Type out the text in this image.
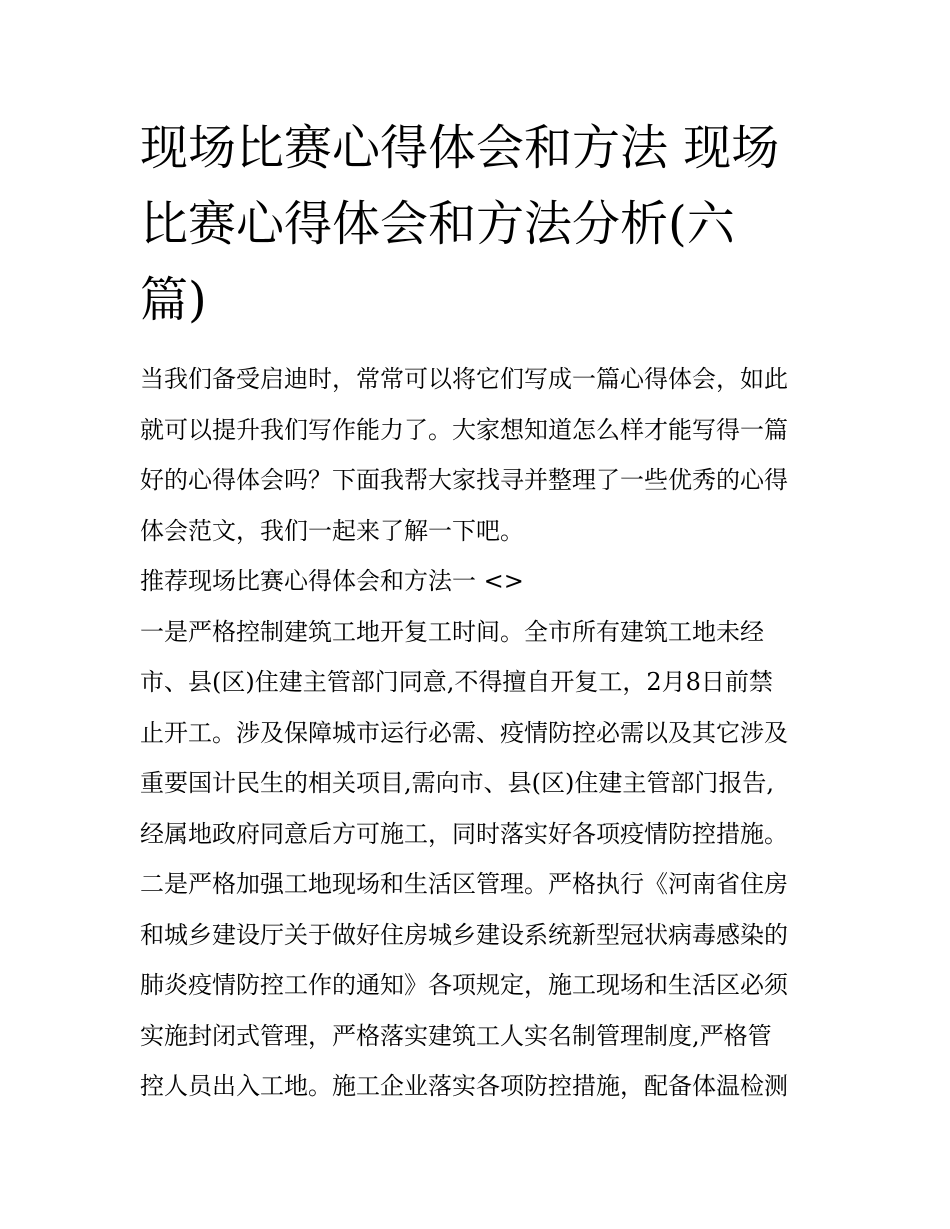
现场比赛心得体会和方法 现场
比赛心得体会和方法分析(六
篇)
当我们备受启迪时，常常可以将它们写成一篇心得体会，如此
就可以提升我们写作能力了。大家想知道怎么样才能写得一篇
好的心得体会吗？下面我帮大家找寻并整理了一些优秀的心得
体会范文，我们一起来了解一下吧。
推荐现场比赛心得体会和方法一 <>
一是严格控制建筑工地开复工时间。全市所有建筑工地未经
市、县(区)住建主管部门同意,不得擅自开复工，2月8日前禁
止开工。涉及保障城市运行必需、疫情防控必需以及其它涉及
重要国计民生的相关项目,需向市、县(区)住建主管部门报告,
经属地政府同意后方可施工，同时落实好各项疫情防控措施。
二是严格加强工地现场和生活区管理。严格执行《河南省住房
和城乡建设厅关于做好住房城乡建设系统新型冠状病毒感染的
肺炎疫情防控工作的通知》各项规定，施工现场和生活区必须
实施封闭式管理，严格落实建筑工人实名制管理制度,严格管
控人员出入工地。施工企业落实各项防控措施，配备体温检测
